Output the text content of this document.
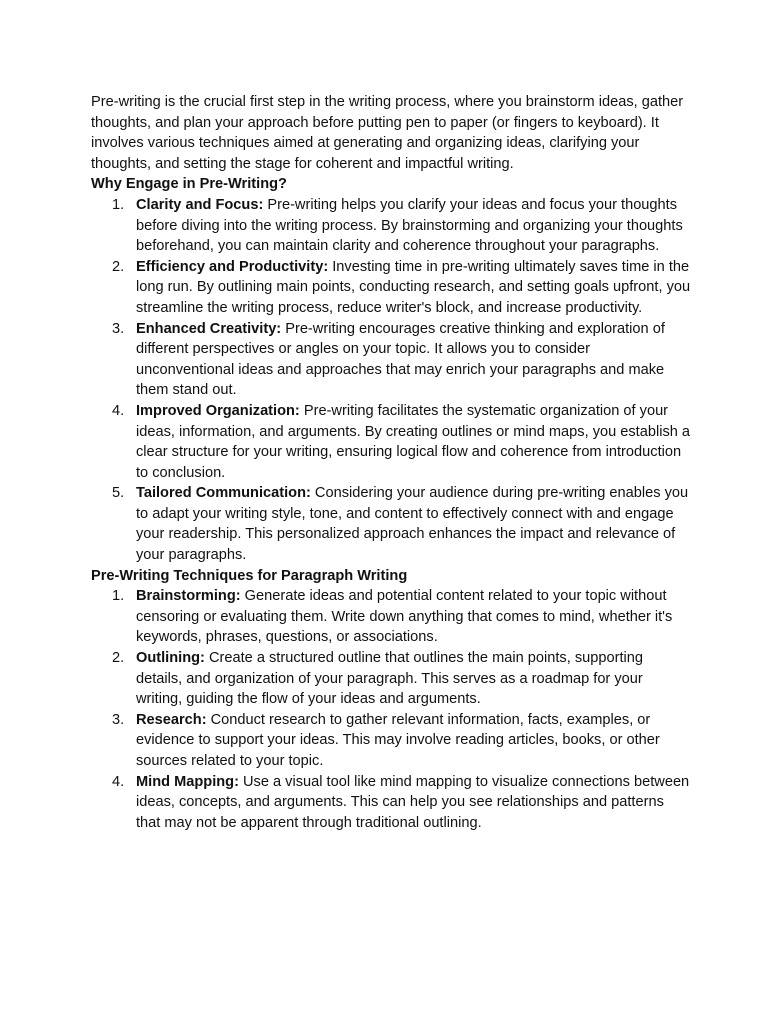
Pre-writing is the crucial first step in the writing process, where you brainstorm ideas, gather thoughts, and plan your approach before putting pen to paper (or fingers to keyboard). It involves various techniques aimed at generating and organizing ideas, clarifying your thoughts, and setting the stage for coherent and impactful writing.

Why Engage in Pre-Writing?

1. Clarity and Focus: Pre-writing helps you clarify your ideas and focus your thoughts before diving into the writing process. By brainstorming and organizing your thoughts beforehand, you can maintain clarity and coherence throughout your paragraphs.
2. Efficiency and Productivity: Investing time in pre-writing ultimately saves time in the long run. By outlining main points, conducting research, and setting goals upfront, you streamline the writing process, reduce writer's block, and increase productivity.
3. Enhanced Creativity: Pre-writing encourages creative thinking and exploration of different perspectives or angles on your topic. It allows you to consider unconventional ideas and approaches that may enrich your paragraphs and make them stand out.
4. Improved Organization: Pre-writing facilitates the systematic organization of your ideas, information, and arguments. By creating outlines or mind maps, you establish a clear structure for your writing, ensuring logical flow and coherence from introduction to conclusion.
5. Tailored Communication: Considering your audience during pre-writing enables you to adapt your writing style, tone, and content to effectively connect with and engage your readership. This personalized approach enhances the impact and relevance of your paragraphs.

Pre-Writing Techniques for Paragraph Writing

1. Brainstorming: Generate ideas and potential content related to your topic without censoring or evaluating them. Write down anything that comes to mind, whether it's keywords, phrases, questions, or associations.
2. Outlining: Create a structured outline that outlines the main points, supporting details, and organization of your paragraph. This serves as a roadmap for your writing, guiding the flow of your ideas and arguments.
3. Research: Conduct research to gather relevant information, facts, examples, or evidence to support your ideas. This may involve reading articles, books, or other sources related to your topic.
4. Mind Mapping: Use a visual tool like mind mapping to visualize connections between ideas, concepts, and arguments. This can help you see relationships and patterns that may not be apparent through traditional outlining.
